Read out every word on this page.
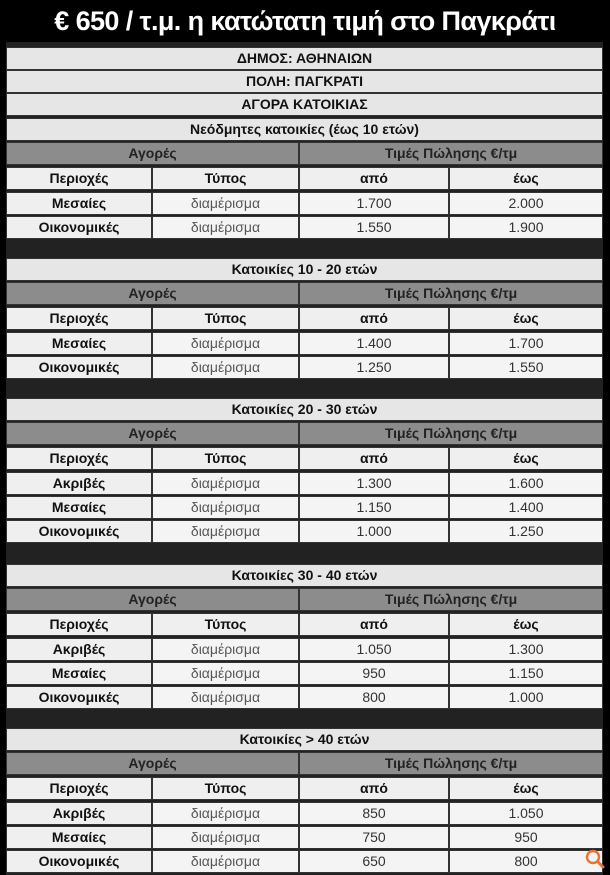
€ 650 / τ.μ. η κατώτατη τιμή στο Παγκράτι
ΔΗΜΟΣ: ΑΘΗΝΑΙΩΝ
ΠΟΛΗ: ΠΑΓΚΡΑΤΙ
ΑΓΟΡΑ ΚΑΤΟΙΚΙΑΣ
Νεόδμητες κατοικίες (έως 10 ετών)
Αγορές	Τιμές Πώλησης €/τμ
Περιοχές	Τύπος	από	έως
Μεσαίες	διαμέρισμα	1.700	2.000
Οικονομικές	διαμέρισμα	1.550	1.900
Κατοικίες 10 - 20 ετών
Αγορές	Τιμές Πώλησης €/τμ
Περιοχές	Τύπος	από	έως
Μεσαίες	διαμέρισμα	1.400	1.700
Οικονομικές	διαμέρισμα	1.250	1.550
Κατοικίες 20 - 30 ετών
Αγορές	Τιμές Πώλησης €/τμ
Περιοχές	Τύπος	από	έως
Ακριβές	διαμέρισμα	1.300	1.600
Μεσαίες	διαμέρισμα	1.150	1.400
Οικονομικές	διαμέρισμα	1.000	1.250
Κατοικίες 30 - 40 ετών
Αγορές	Τιμές Πώλησης €/τμ
Περιοχές	Τύπος	από	έως
Ακριβές	διαμέρισμα	1.050	1.300
Μεσαίες	διαμέρισμα	950	1.150
Οικονομικές	διαμέρισμα	800	1.000
Κατοικίες > 40 ετών
Αγορές	Τιμές Πώλησης €/τμ
Περιοχές	Τύπος	από	έως
Ακριβές	διαμέρισμα	850	1.050
Μεσαίες	διαμέρισμα	750	950
Οικονομικές	διαμέρισμα	650	800
